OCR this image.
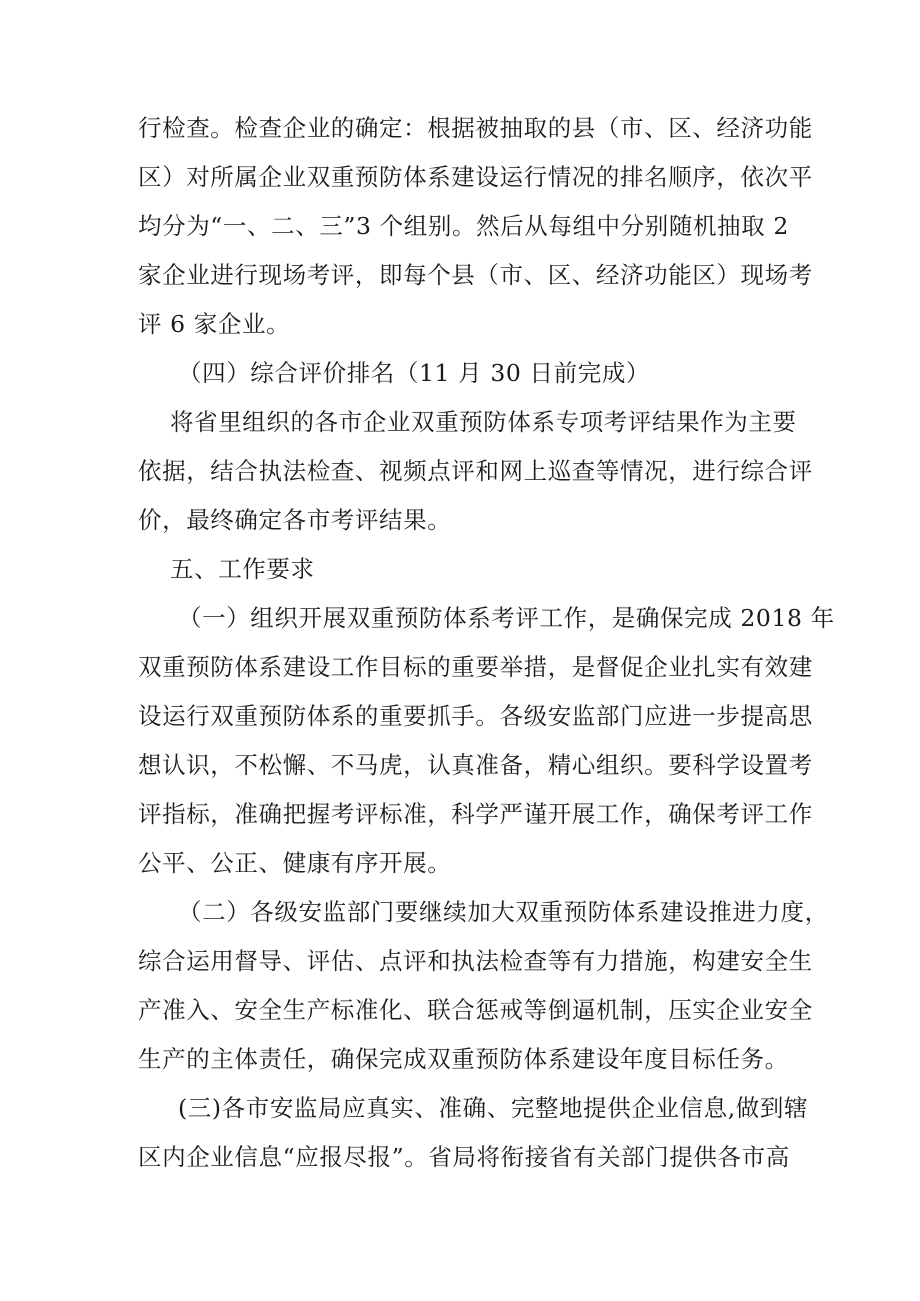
行检查。检查企业的确定：根据被抽取的县（市、区、经济功能
区）对所属企业双重预防体系建设运行情况的排名顺序，依次平
均分为“一、二、三”3 个组别。然后从每组中分别随机抽取 2
家企业进行现场考评，即每个县（市、区、经济功能区）现场考
评 6 家企业。
（四）综合评价排名（11 月 30 日前完成）
将省里组织的各市企业双重预防体系专项考评结果作为主要
依据，结合执法检查、视频点评和网上巡查等情况，进行综合评
价，最终确定各市考评结果。
五、工作要求
（一）组织开展双重预防体系考评工作，是确保完成 2018 年
双重预防体系建设工作目标的重要举措，是督促企业扎实有效建
设运行双重预防体系的重要抓手。各级安监部门应进一步提高思
想认识，不松懈、不马虎，认真准备，精心组织。要科学设置考
评指标，准确把握考评标准，科学严谨开展工作，确保考评工作
公平、公正、健康有序开展。
（二）各级安监部门要继续加大双重预防体系建设推进力度，
综合运用督导、评估、点评和执法检查等有力措施，构建安全生
产准入、安全生产标准化、联合惩戒等倒逼机制，压实企业安全
生产的主体责任，确保完成双重预防体系建设年度目标任务。
(三)各市安监局应真实、准确、完整地提供企业信息,做到辖
区内企业信息“应报尽报”。省局将衔接省有关部门提供各市高
